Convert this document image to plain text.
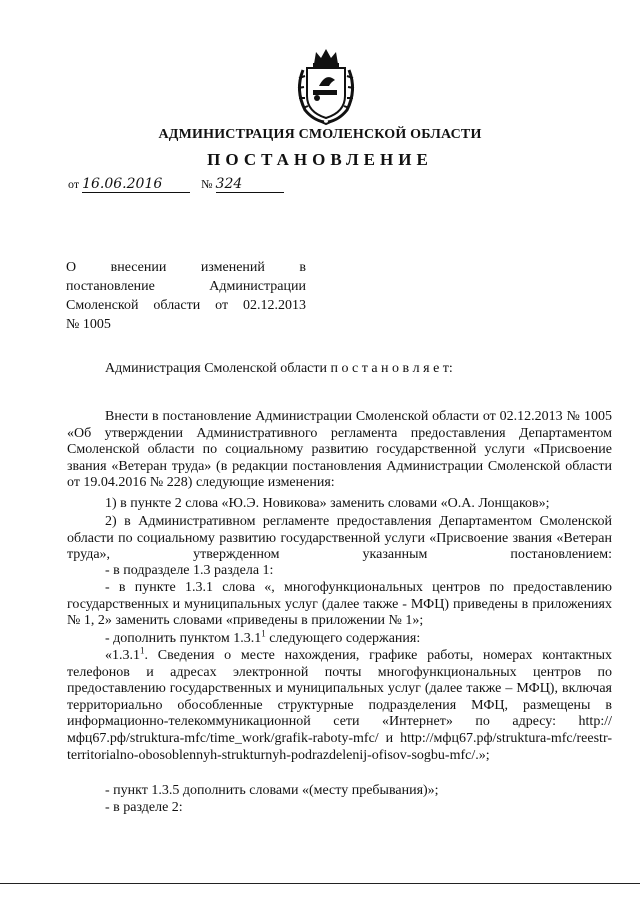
АДМИНИСТРАЦИЯ СМОЛЕНСКОЙ ОБЛАСТИ
ПОСТАНОВЛЕНИЕ
от 16.06.2016	№ 324
О внесении изменений в
постановление	Администрации
Смоленской области от 02.12.2013
№ 1005
Администрация Смоленской области п о с т а н о в л я е т:
Внести в постановление Администрации Смоленской области от 02.12.2013 № 1005 «Об утверждении Административного регламента предоставления Департаментом Смоленской области по социальному развитию государственной услуги «Присвоение звания «Ветеран труда» (в редакции постановления Администрации Смоленской области от 19.04.2016 № 228) следующие изменения:
1) в пункте 2 слова «Ю.Э. Новикова» заменить словами «О.А. Лонщаков»;
2) в Административном регламенте предоставления Департаментом Смоленской области по социальному развитию государственной услуги «Присвоение звания «Ветеран труда», утвержденном указанным постановлением:
- в подразделе 1.3 раздела 1:
- в пункте 1.3.1 слова «, многофункциональных центров по предоставлению государственных и муниципальных услуг (далее также - МФЦ) приведены в приложениях № 1, 2» заменить словами «приведены в приложении № 1»;
- дополнить пунктом 1.3.1$^1$ следующего содержания:
«1.3.1$^1$. Сведения о месте нахождения, графике работы, номерах контактных телефонов и адресах электронной почты многофункциональных центров по предоставлению государственных и муниципальных услуг (далее также – МФЦ), включая территориально обособленные структурные подразделения МФЦ, размещены в информационно-телекоммуникационной сети «Интернет» по адресу: http://мфц67.рф/struktura-mfc/time_work/grafik-raboty-mfc/ и http://мфц67.рф/struktura-mfc/reestr-territorialno-obosoblennyh-strukturnyh-podrazdelenij-ofisov-sogbu-mfc/.»;
- пункт 1.3.5 дополнить словами «(месту пребывания)»;
- в разделе 2:
